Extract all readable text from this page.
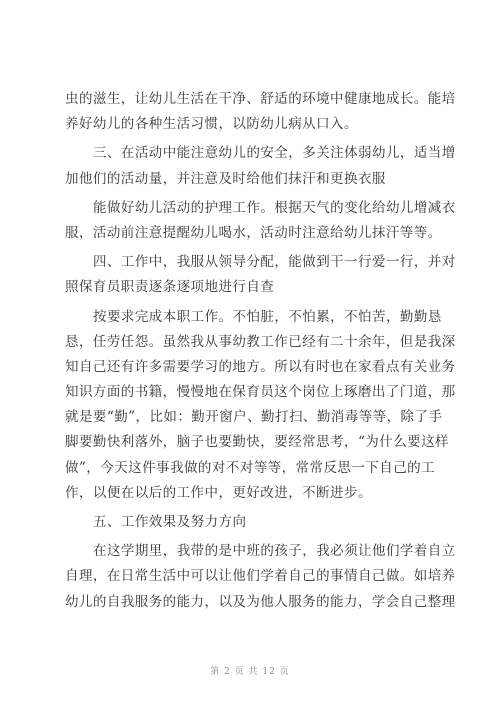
虫的滋生，让幼儿生活在干净、舒适的环境中健康地成长。能培
养好幼儿的各种生活习惯，以防幼儿病从口入。
三、在活动中能注意幼儿的安全，多关注体弱幼儿，适当增
加他们的活动量，并注意及时给他们抹汗和更换衣服
能做好幼儿活动的护理工作。根据天气的变化给幼儿增减衣
服，活动前注意提醒幼儿喝水，活动时注意给幼儿抹汗等等。
四、工作中，我服从领导分配，能做到干一行爱一行，并对
照保育员职责逐条逐项地进行自查
按要求完成本职工作。不怕脏，不怕累，不怕苦，勤勤恳
恳，任劳任怨。虽然我从事幼教工作已经有二十余年，但是我深
知自己还有许多需要学习的地方。所以有时也在家看点有关业务
知识方面的书籍，慢慢地在保育员这个岗位上琢磨出了门道，那
就是要“勤”，比如：勤开窗户、勤打扫、勤消毒等等，除了手
脚要勤快利落外，脑子也要勤快，要经常思考，“为什么要这样
做”，今天这件事我做的对不对等等，常常反思一下自己的工
作，以便在以后的工作中，更好改进，不断进步。
五、工作效果及努力方向
在这学期里，我带的是中班的孩子，我必须让他们学着自立
自理，在日常生活中可以让他们学着自己的事情自己做。如培养
幼儿的自我服务的能力，以及为他人服务的能力，学会自己整理
第 2 页 共 12 页
